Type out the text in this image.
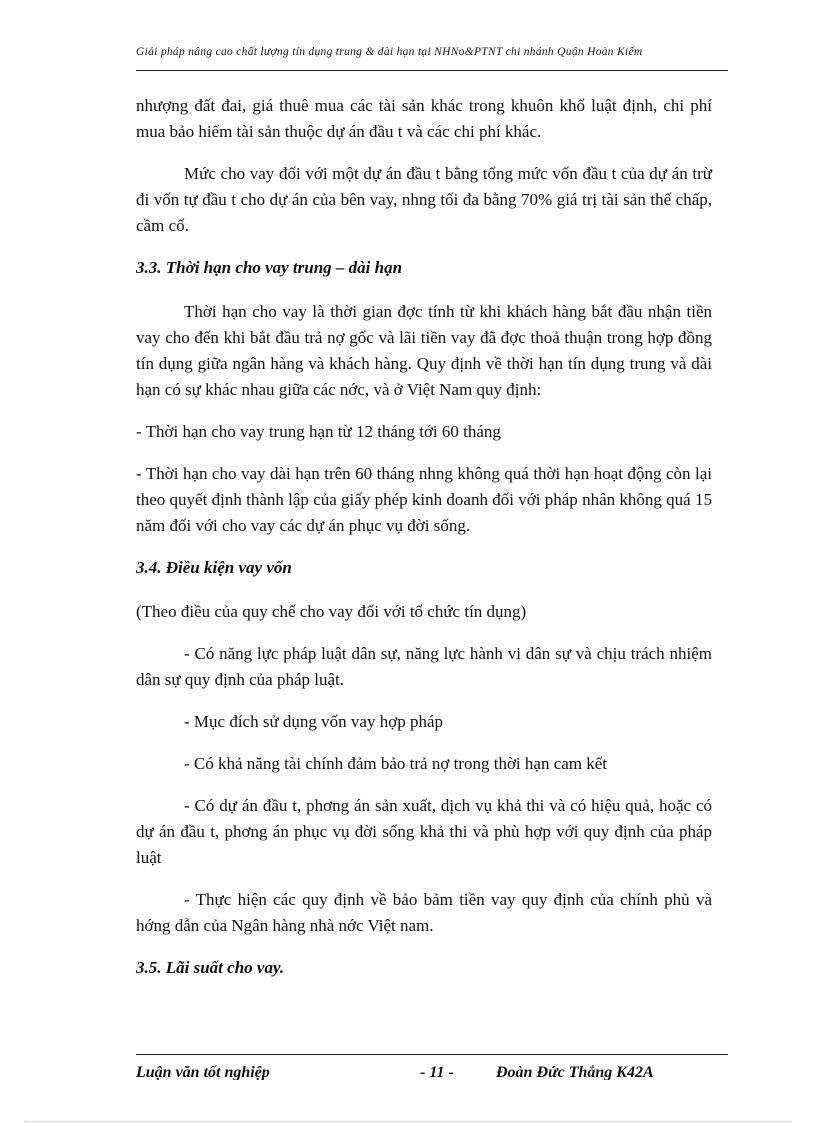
Giải pháp nâng cao chất lượng tín dụng trung & dài hạn tại NHNo&PTNT chi nhánh Quận Hoàn Kiếm

nhượng đất đai, giá thuê mua các tài sản khác trong khuôn khổ luật định, chi phí mua bảo hiểm tài sản thuộc dự án đầu t và các chi phí khác.

Mức cho vay đối với một dự án đầu t bằng tổng mức vốn đầu t của dự án trừ đi vốn tự đầu t cho dự án của bên vay, nhng tối đa bằng 70% giá trị tài sản thế chấp, cầm cố.

3.3. Thời hạn cho vay trung – dài hạn

Thời hạn cho vay là thời gian đợc tính từ khi khách hàng bắt đầu nhận tiền vay cho đến khi bắt đầu trả nợ gốc và lãi tiền vay đã đợc thoả thuận trong hợp đồng tín dụng giữa ngân hàng và khách hàng. Quy định về thời hạn tín dụng trung và dài hạn có sự khác nhau giữa các nớc, và ở Việt Nam quy định:

- Thời hạn cho vay trung hạn từ 12 tháng tới 60 tháng

- Thời hạn cho vay dài hạn trên 60 tháng nhng không quá thời hạn hoạt động còn lại theo quyết định thành lập của giấy phép kinh doanh đối với pháp nhân không quá 15 năm đối với cho vay các dự án phục vụ đời sống.

3.4. Điều kiện vay vốn

(Theo điều của quy chế cho vay đối với tổ chức tín dụng)

- Có năng lực pháp luật dân sự, năng lực hành vi dân sự và chịu trách nhiệm dân sự quy định của pháp luật.

- Mục đích sử dụng vốn vay hợp pháp

- Có khả năng tài chính đảm bảo trả nợ trong thời hạn cam kết

- Có dự án đầu t, phơng án sản xuất, dịch vụ khả thi và có hiệu quả, hoặc có dự án đầu t, phơng án phục vụ đời sống khả thi và phù hợp với quy định của pháp luật

- Thực hiện các quy định về bảo bảm tiền vay quy định của chính phủ và hớng dẫn của Ngân hàng nhà nớc Việt nam.

3.5. Lãi suất cho vay.
Luận văn tốt nghiệp	- 11 -	Đoàn Đức Thắng K42A
